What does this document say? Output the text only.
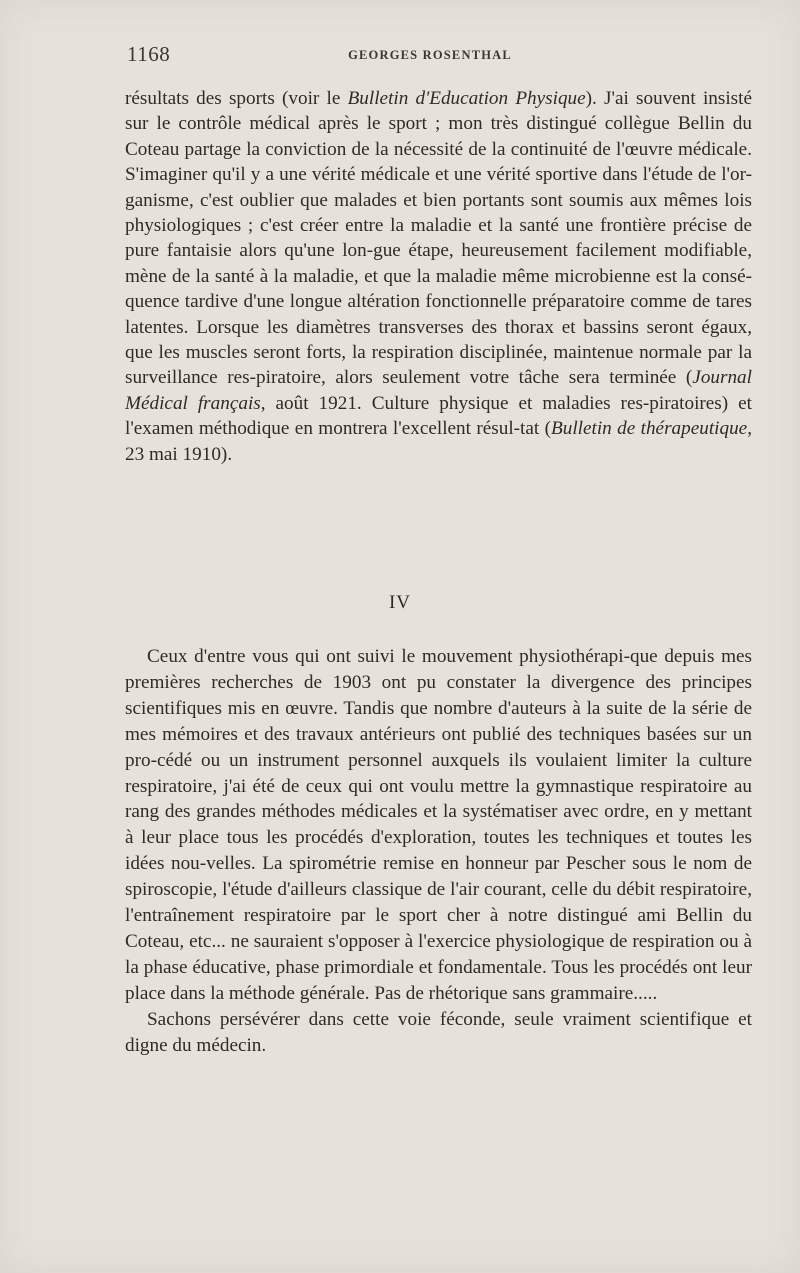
1168	GEORGES ROSENTHAL

résultats des sports (voir le Bulletin d'Education Physique). J'ai souvent insisté sur le contrôle médical après le sport ; mon très distingué collègue Bellin du Coteau partage la conviction de la nécessité de la continuité de l'œuvre médicale. S'imaginer qu'il y a une vérité médicale et une vérité sportive dans l'étude de l'or-ganisme, c'est oublier que malades et bien portants sont soumis aux mêmes lois physiologiques ; c'est créer entre la maladie et la santé une frontière précise de pure fantaisie alors qu'une lon-gue étape, heureusement facilement modifiable, mène de la santé à la maladie, et que la maladie même microbienne est la consé-quence tardive d'une longue altération fonctionnelle préparatoire comme de tares latentes. Lorsque les diamètres transverses des thorax et bassins seront égaux, que les muscles seront forts, la respiration disciplinée, maintenue normale par la surveillance res-piratoire, alors seulement votre tâche sera terminée (Journal Médical français, août 1921. Culture physique et maladies res-piratoires) et l'examen méthodique en montrera l'excellent résul-tat (Bulletin de thérapeutique, 23 mai 1910).

IV

Ceux d'entre vous qui ont suivi le mouvement physiothérapi-que depuis mes premières recherches de 1903 ont pu constater la divergence des principes scientifiques mis en œuvre. Tandis que nombre d'auteurs à la suite de la série de mes mémoires et des travaux antérieurs ont publié des techniques basées sur un pro-cédé ou un instrument personnel auxquels ils voulaient limiter la culture respiratoire, j'ai été de ceux qui ont voulu mettre la gymnastique respiratoire au rang des grandes méthodes médicales et la systématiser avec ordre, en y mettant à leur place tous les procédés d'exploration, toutes les techniques et toutes les idées nou-velles. La spirométrie remise en honneur par Pescher sous le nom de spiroscopie, l'étude d'ailleurs classique de l'air courant, celle du débit respiratoire, l'entraînement respiratoire par le sport cher à notre distingué ami Bellin du Coteau, etc... ne sauraient s'opposer à l'exercice physiologique de respiration ou à la phase éducative, phase primordiale et fondamentale. Tous les procédés ont leur place dans la méthode générale. Pas de rhétorique sans grammaire.....

Sachons persévérer dans cette voie féconde, seule vraiment scientifique et digne du médecin.
